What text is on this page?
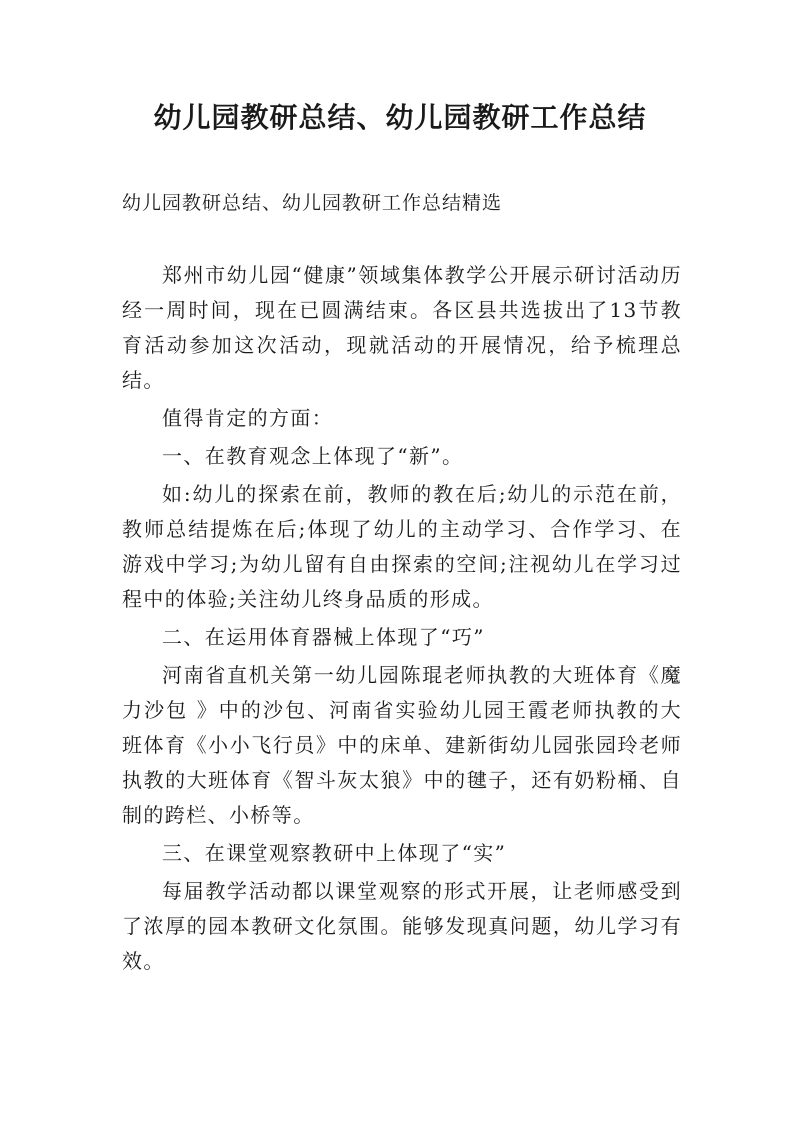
幼儿园教研总结、幼儿园教研工作总结
幼儿园教研总结、幼儿园教研工作总结精选

郑州市幼儿园“健康”领域集体教学公开展示研讨活动历经一周时间，现在已圆满结束。各区县共选拔出了13节教育活动参加这次活动，现就活动的开展情况，给予梳理总结。

值得肯定的方面：

一、在教育观念上体现了“新”。

如:幼儿的探索在前，教师的教在后;幼儿的示范在前，教师总结提炼在后;体现了幼儿的主动学习、合作学习、在游戏中学习;为幼儿留有自由探索的空间;注视幼儿在学习过程中的体验;关注幼儿终身品质的形成。

二、在运用体育器械上体现了“巧”

河南省直机关第一幼儿园陈琨老师执教的大班体育《魔力沙包 》中的沙包、河南省实验幼儿园王霞老师执教的大班体育《小小飞行员》中的床单、建新街幼儿园张园玲老师执教的大班体育《智斗灰太狼》中的毽子，还有奶粉桶、自制的跨栏、小桥等。

三、在课堂观察教研中上体现了“实”

每届教学活动都以课堂观察的形式开展，让老师感受到了浓厚的园本教研文化氛围。能够发现真问题，幼儿学习有效。
